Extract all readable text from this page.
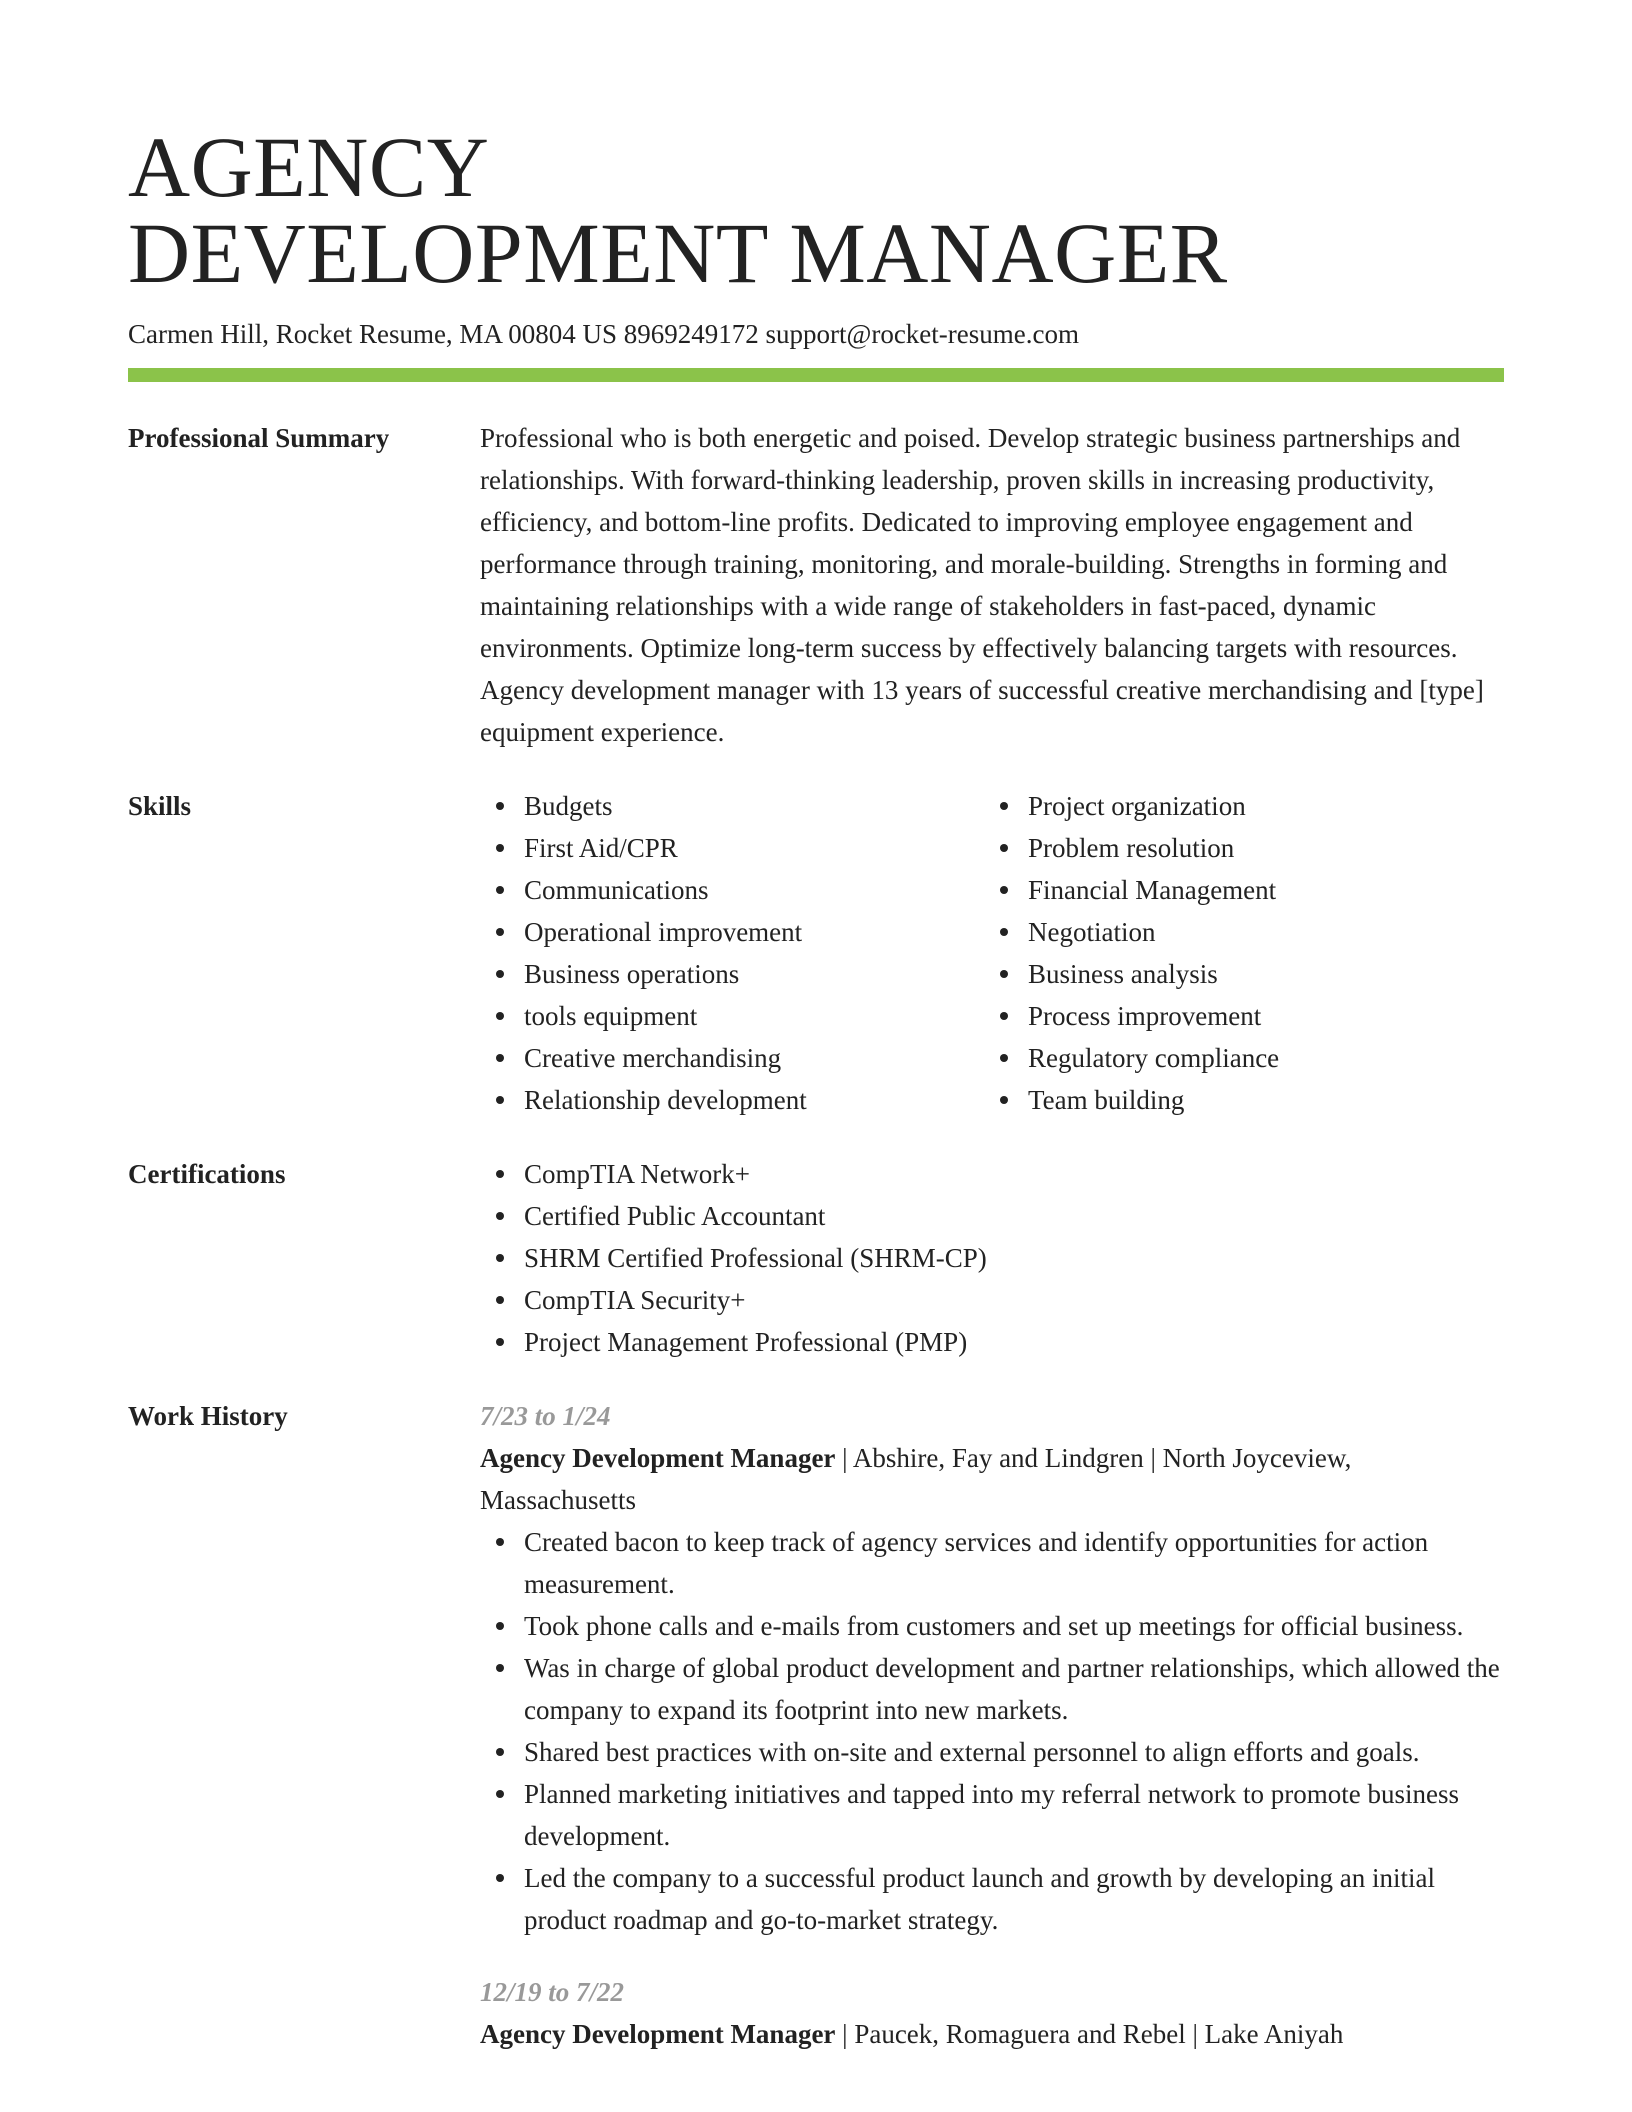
AGENCY
DEVELOPMENT MANAGER
Carmen Hill, Rocket Resume, MA 00804 US 8969249172 support@rocket-resume.com
Professional Summary	Professional who is both energetic and poised. Develop strategic business partnerships and relationships. With forward-thinking leadership, proven skills in increasing productivity, efficiency, and bottom-line profits. Dedicated to improving employee engagement and performance through training, monitoring, and morale-building. Strengths in forming and maintaining relationships with a wide range of stakeholders in fast-paced, dynamic environments. Optimize long-term success by effectively balancing targets with resources. Agency development manager with 13 years of successful creative merchandising and [type] equipment experience.

Skills	Budgets
First Aid/CPR
Communications
Operational improvement
Business operations
tools equipment
Creative merchandising
Relationship development
Project organization
Problem resolution
Financial Management
Negotiation
Business analysis
Process improvement
Regulatory compliance
Team building
Certifications	CompTIA Network+
Certified Public Accountant
SHRM Certified Professional (SHRM-CP)
CompTIA Security+
Project Management Professional (PMP)
Work History	7/23 to 1/24
Agency Development Manager | Abshire, Fay and Lindgren | North Joyceview, Massachusetts
Created bacon to keep track of agency services and identify opportunities for action measurement.
Took phone calls and e-mails from customers and set up meetings for official business.
Was in charge of global product development and partner relationships, which allowed the company to expand its footprint into new markets.
Shared best practices with on-site and external personnel to align efforts and goals.
Planned marketing initiatives and tapped into my referral network to promote business development.
Led the company to a successful product launch and growth by developing an initial product roadmap and go-to-market strategy.
12/19 to 7/22
Agency Development Manager | Paucek, Romaguera and Rebel | Lake Aniyah
